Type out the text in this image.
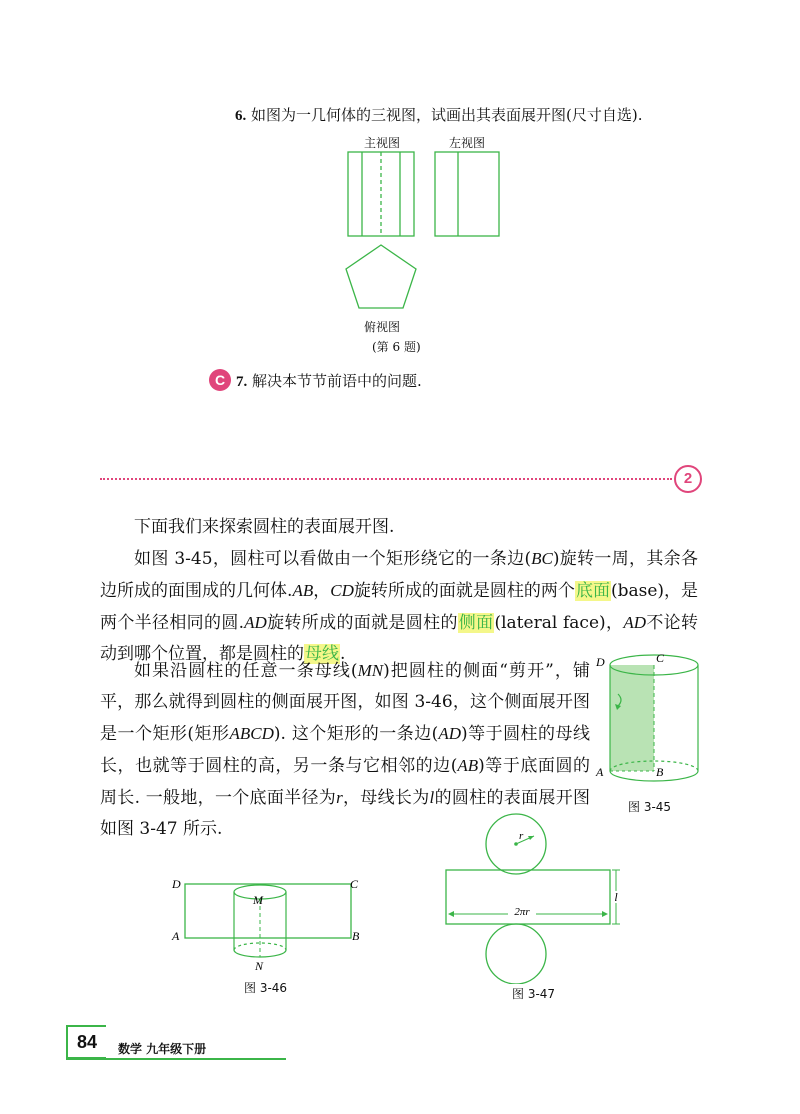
6. 如图为一几何体的三视图，试画出其表面展开图(尺寸自选).
主视图	左视图
俯视图
(第 6 题)
C 7. 解决本节节前语中的问题.
2

下面我们来探索圆柱的表面展开图.

如图 3-45，圆柱可以看做由一个矩形绕它的一条边(BC)旋转一周，其余各边所成的面围成的几何体.AB，CD旋转所成的面就是圆柱的两个底面(base)，是两个半径相同的圆.AD旋转所成的面就是圆柱的侧面(lateral face)，AD不论转动到哪个位置，都是圆柱的母线.

如果沿圆柱的任意一条母线(MN)把圆柱的侧面“剪开”，铺平，那么就得到圆柱的侧面展开图，如图 3-46，这个侧面展开图是一个矩形(矩形ABCD). 这个矩形的一条边(AD)等于圆柱的母线长，也就等于圆柱的高，另一条与它相邻的边(AB)等于底面圆的周长. 一般地，一个底面半径为r，母线长为l的圆柱的表面展开图如图 3-47 所示.

D	C
A	B
图 3-45
D	C
A	B
M
N
图 3-46
r
2πr
l
图 3-47
84	数学 九年级下册
